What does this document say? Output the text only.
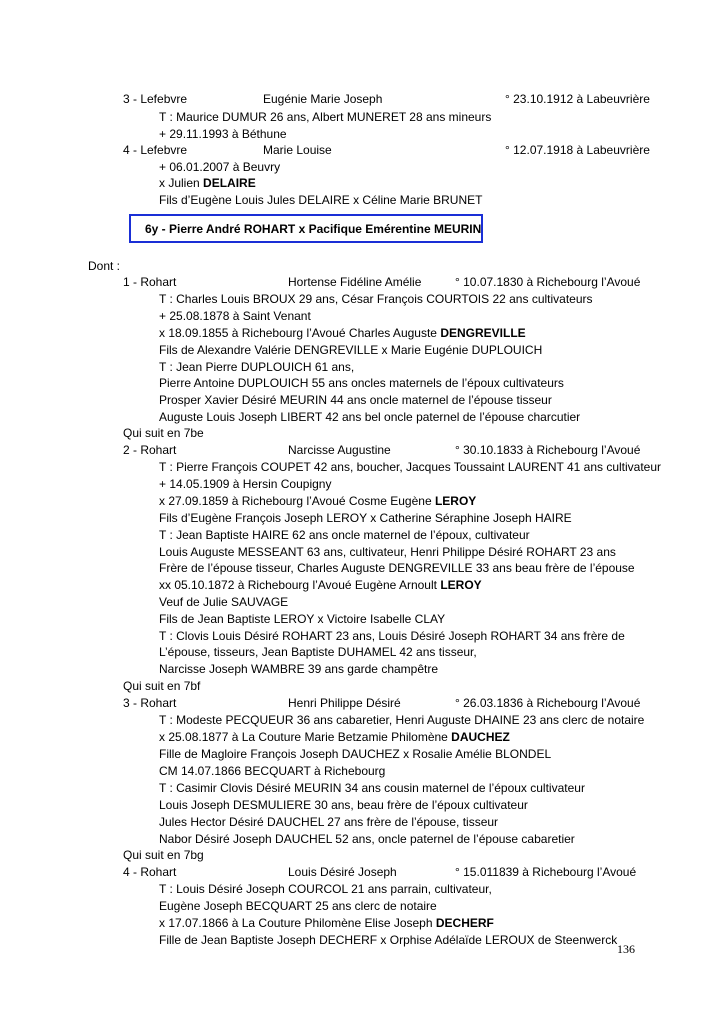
3 - Lefebvre	Eugénie Marie Joseph	° 23.10.1912 à Labeuvrière
T : Maurice DUMUR 26 ans, Albert MUNERET 28 ans mineurs
+ 29.11.1993 à Béthune
4 - Lefebvre	Marie Louise	° 12.07.1918 à Labeuvrière
+ 06.01.2007 à Beuvry
x Julien DELAIRE
Fils d’Eugène Louis Jules DELAIRE x Céline Marie BRUNET
6y - Pierre André ROHART x Pacifique Emérentine MEURIN
Dont :
1 - Rohart	Hortense Fidéline Amélie	° 10.07.1830 à Richebourg l’Avoué
T : Charles Louis BROUX 29 ans, César François COURTOIS 22 ans cultivateurs
+ 25.08.1878 à Saint Venant
x 18.09.1855 à Richebourg l’Avoué Charles Auguste DENGREVILLE
Fils de Alexandre Valérie DENGREVILLE x Marie Eugénie DUPLOUICH
T : Jean Pierre DUPLOUICH 61 ans,
Pierre Antoine DUPLOUICH 55 ans oncles maternels de l’époux cultivateurs
Prosper Xavier Désiré MEURIN 44 ans oncle maternel de l’épouse tisseur
Auguste Louis Joseph LIBERT 42 ans bel oncle paternel de l’épouse charcutier
Qui suit en 7be
2 - Rohart	Narcisse Augustine	° 30.10.1833 à Richebourg l’Avoué
T : Pierre François COUPET 42 ans, boucher, Jacques Toussaint LAURENT 41 ans cultivateur
+ 14.05.1909 à Hersin Coupigny
x 27.09.1859 à Richebourg l’Avoué Cosme Eugène LEROY
Fils d’Eugène François Joseph LEROY x Catherine Séraphine Joseph HAIRE
T : Jean Baptiste HAIRE 62 ans oncle maternel de l’époux, cultivateur
Louis Auguste MESSEANT 63 ans, cultivateur, Henri Philippe Désiré ROHART 23 ans
Frère de l’épouse tisseur, Charles Auguste DENGREVILLE 33 ans beau frère de l’épouse
xx 05.10.1872 à Richebourg l’Avoué Eugène Arnoult LEROY
Veuf de Julie SAUVAGE
Fils de Jean Baptiste LEROY x Victoire Isabelle CLAY
T : Clovis Louis Désiré ROHART 23 ans, Louis Désiré Joseph ROHART 34 ans frère de
L’épouse, tisseurs, Jean Baptiste DUHAMEL 42 ans tisseur,
Narcisse Joseph WAMBRE 39 ans garde champêtre
Qui suit en 7bf
3 - Rohart	Henri Philippe Désiré	° 26.03.1836 à Richebourg l’Avoué
T : Modeste PECQUEUR 36 ans cabaretier, Henri Auguste DHAINE 23 ans clerc de notaire
x 25.08.1877 à La Couture Marie Betzamie Philomène DAUCHEZ
Fille de Magloire François Joseph DAUCHEZ x Rosalie Amélie BLONDEL
CM 14.07.1866 BECQUART à Richebourg
T : Casimir Clovis Désiré MEURIN 34 ans cousin maternel de l’époux cultivateur
Louis Joseph DESMULIERE 30 ans, beau frère de l’époux cultivateur
Jules Hector Désiré DAUCHEL 27 ans frère de l’épouse, tisseur
Nabor Désiré Joseph DAUCHEL 52 ans, oncle paternel de l’épouse cabaretier
Qui suit en 7bg
4 - Rohart	Louis Désiré Joseph	° 15.011839 à Richebourg l’Avoué
T : Louis Désiré Joseph COURCOL 21 ans parrain, cultivateur,
Eugène Joseph BECQUART 25 ans clerc de notaire
x 17.07.1866 à La Couture Philomène Elise Joseph DECHERF
Fille de Jean Baptiste Joseph DECHERF x Orphise Adélaïde LEROUX de Steenwerck
136
